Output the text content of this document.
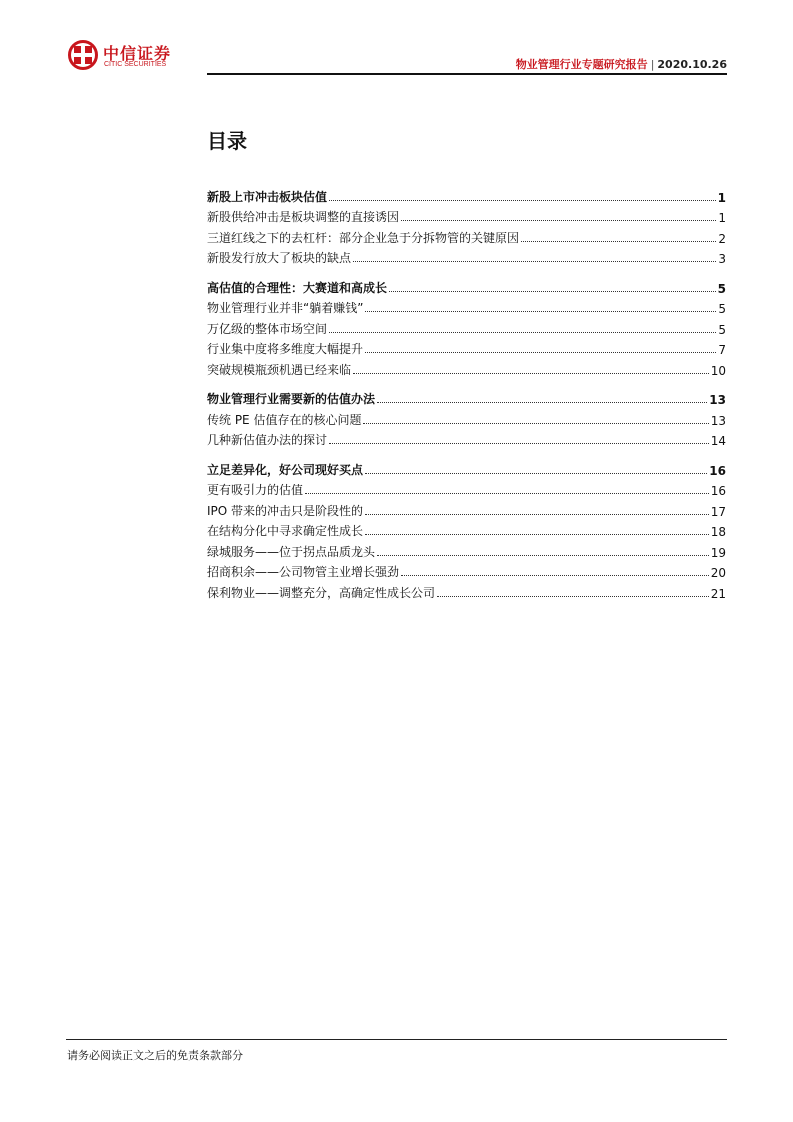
中信证券
CITIC SECURITIES	物业管理行业专题研究报告 | 2020.10.26
目录
新股上市冲击板块估值	1
新股供给冲击是板块调整的直接诱因	1
三道红线之下的去杠杆：部分企业急于分拆物管的关键原因	2
新股发行放大了板块的缺点	3
高估值的合理性：大赛道和高成长	5
物业管理行业并非“躺着赚钱”	5
万亿级的整体市场空间	5
行业集中度将多维度大幅提升	7
突破规模瓶颈机遇已经来临	10
物业管理行业需要新的估值办法	13
传统 PE 估值存在的核心问题	13
几种新估值办法的探讨	14
立足差异化，好公司现好买点	16
更有吸引力的估值	16
IPO 带来的冲击只是阶段性的	17
在结构分化中寻求确定性成长	18
绿城服务——位于拐点品质龙头	19
招商积余——公司物管主业增长强劲	20
保利物业——调整充分，高确定性成长公司	21
请务必阅读正文之后的免责条款部分
